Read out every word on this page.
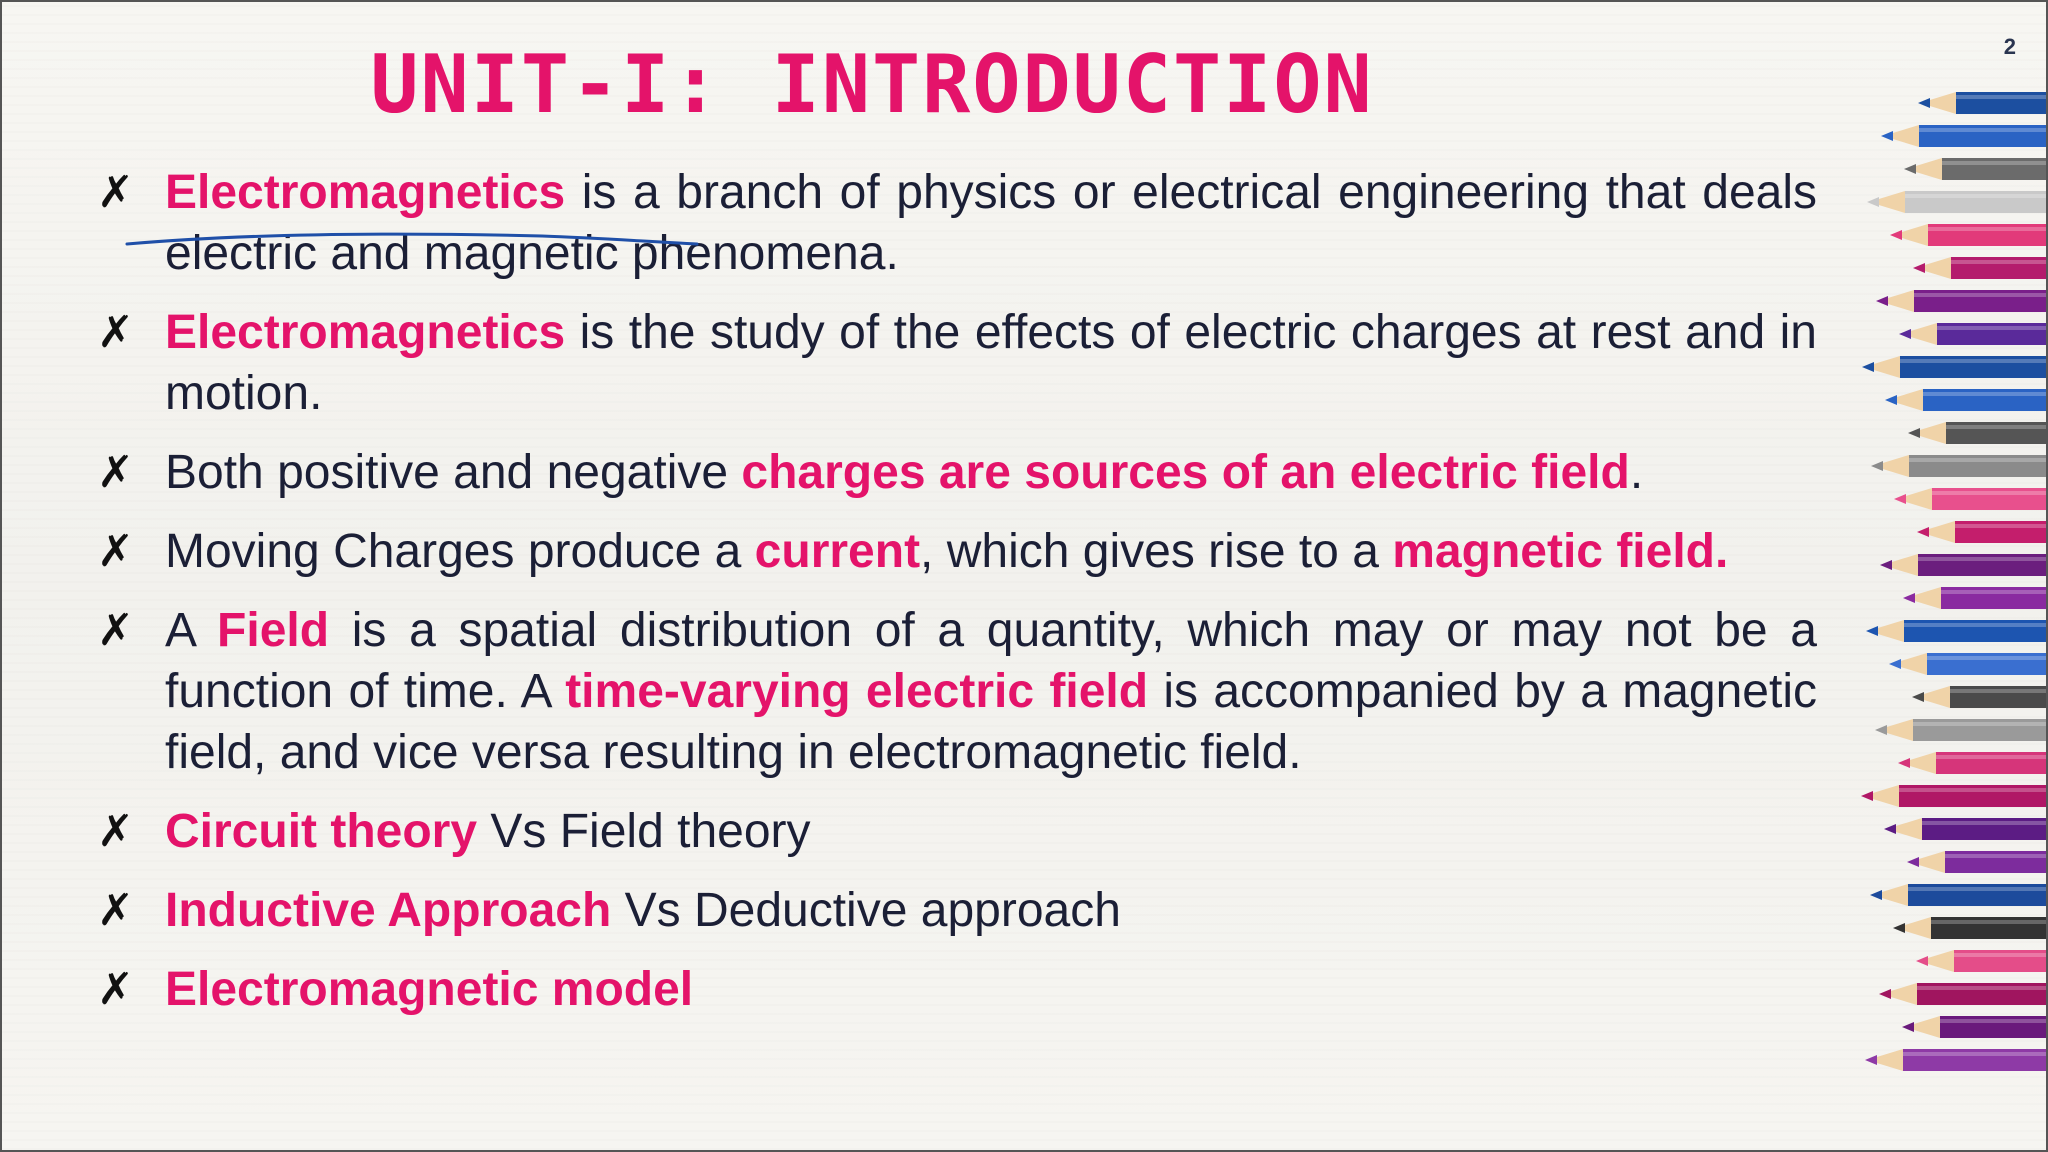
2
UNIT-I: INTRODUCTION
✗ Electromagnetics is a branch of physics or electrical engineering that deals electric and magnetic phenomena.
✗ Electromagnetics is the study of the effects of electric charges at rest and in motion.
✗ Both positive and negative charges are sources of an electric field.
✗ Moving Charges produce a current, which gives rise to a magnetic field.
✗ A Field is a spatial distribution of a quantity, which may or may not be a function of time. A time-varying electric field is accompanied by a magnetic field, and vice versa resulting in electromagnetic field.
✗ Circuit theory Vs Field theory
✗ Inductive Approach Vs Deductive approach
✗ Electromagnetic model
